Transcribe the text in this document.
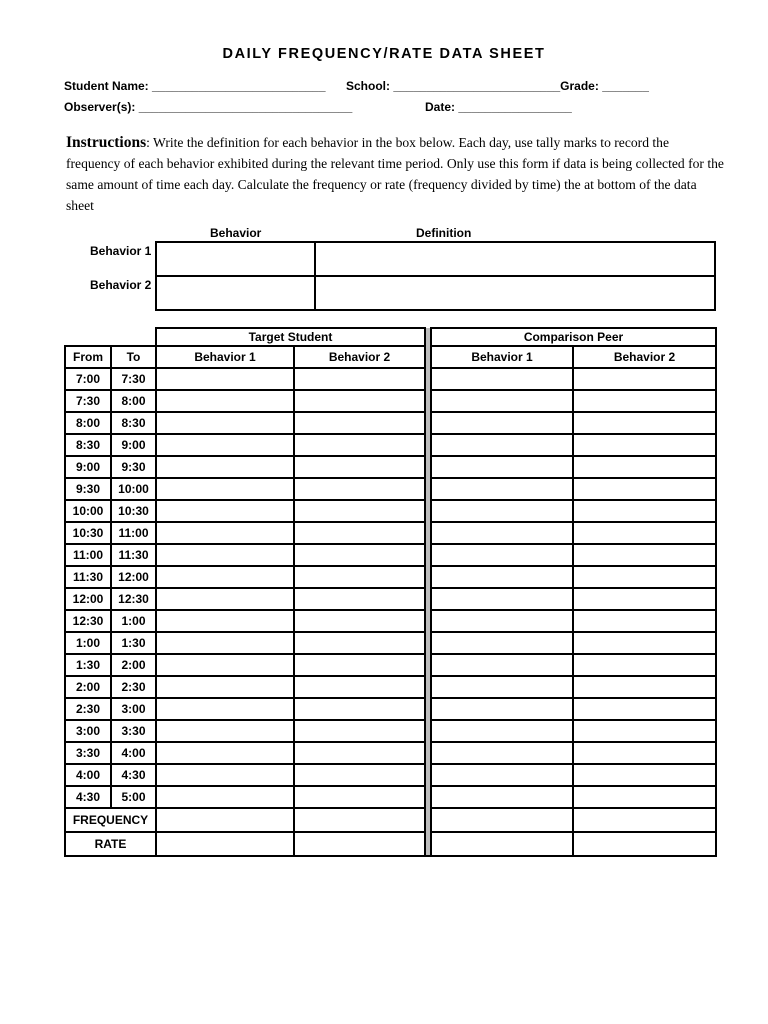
DAILY FREQUENCY/RATE DATA SHEET
Student Name: __________________________ School: _________________________Grade: _______
Observer(s): ________________________________	Date: _________________
Instructions: Write the definition for each behavior in the box below. Each day, use tally marks to record the frequency of each behavior exhibited during the relevant time period. Only use this form if data is being collected for the same amount of time each day. Calculate the frequency or rate (frequency divided by time) the at bottom of the data sheet
Behavior	Definition
Behavior 1
Behavior 2

		Target Student			Comparison Peer	
From	To	Behavior 1	Behavior 2		Behavior 1	Behavior 2
7:00	7:30					
7:30	8:00					
8:00	8:30					
8:30	9:00					
9:00	9:30					
9:30	10:00					
10:00	10:30					
10:30	11:00					
11:00	11:30					
11:30	12:00					
12:00	12:30					
12:30	1:00					
1:00	1:30					
1:30	2:00					
2:00	2:30					
2:30	3:00					
3:00	3:30					
3:30	4:00					
4:00	4:30					
4:30	5:00					
FREQUENCY						
RATE						
